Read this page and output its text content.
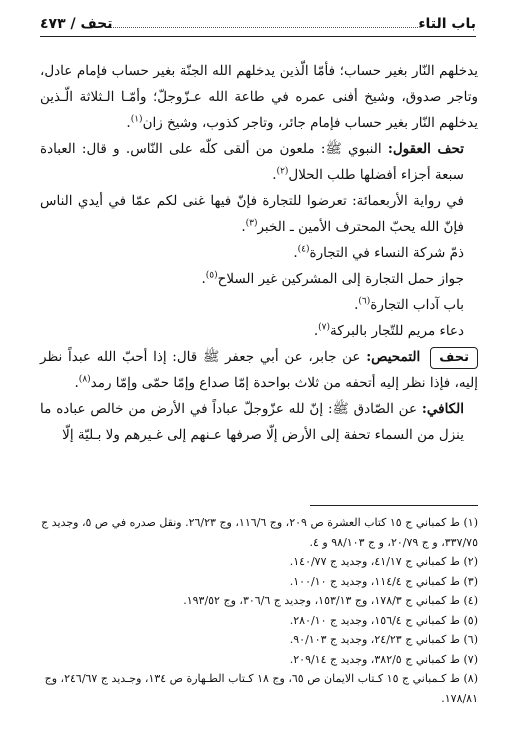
باب التاء
تحف / ٤٧٣

يدخلهم النّار بغير حساب؛ فأمّا الّذين يدخلهم الله الجنّة بغير حساب فإمام عادل، وتاجر صدوق، وشيخ أفنى عمره في طاعة الله عـزّوجلّ؛ وأمّـا الـثلاثة الّـذين يدخلهم النّار بغير حساب فإمام جائر، وتاجر كذوب، وشيخ زان$^{(١)}$.

تحف العقول: النبوي ﷺ: ملعون من ألقى كلّه على النّاس. و قال: العبادة سبعة أجزاء أفضلها طلب الحلال$^{(٢)}$.

في رواية الأربعمائة: تعرضوا للتجارة فإنّ فيها غنى لكم عمّا في أيدي الناس فإنّ الله يحبّ المحترف الأمين ـ الخبر$^{(٣)}$.

ذمّ شركة النساء في التجارة$^{(٤)}$.
جواز حمل التجارة إلى المشركين غير السلاح$^{(٥)}$.
باب آداب التجارة$^{(٦)}$.
دعاء مريم للتّجار بالبركة$^{(٧)}$.

تحفالتمحيص: عن جابر، عن أبي جعفر ﷺ قال: إذا أحبّ الله عبداً نظر إليه، فإذا نظر إليه أتحفه من ثلاث بواحدة إمّا صداع وإمّا حمّى وإمّا رمد$^{(٨)}$.

الكافي: عن الصّادق ﷺ: إنّ لله عزّوجلّ عباداً في الأرض من خالص عباده ما ينزل من السماء تحفة إلى الأرض إلّا صرفها عـنهم إلى غـيرهم ولا بـليّة إلّا

(١) ط كمباني ج ١٥ كتاب العشرة ص ٢٠٩، وج ١١٦/٦، وج ٢٦/٢٣. ونقل صدره في ص ٥، وجديد ج ٣٣٧/٧٥، و ج ٢٠/٧٩، و ج ٩٨/١٠٣ و ٤.
(٢) ط كمباني ج ٤١/١٧، وجديد ج ١٤٠/٧٧.
(٣) ط كمباني ج ١١٤/٤، وجديد ج ١٠٠/١٠.
(٤) ط كمباني ج ١٧٨/٣، وج ١٥٣/١٣، وجديد ج ٣٠٦/٦، وج ١٩٣/٥٢.
(٥) ط كمباني ج ١٥٦/٤، وجديد ج ٢٨٠/١٠.
(٦) ط كمباني ج ٢٤/٢٣، وجديد ج ٩٠/١٠٣.
(٧) ط كمباني ج ٣٨٢/٥، وجديد ج ٢٠٩/١٤.
(٨) ط كـمباني ج ١٥ كـتاب الايمان ص ٦٥، وج ١٨ كـتاب الطـهارة ص ١٣٤، وجـديد ج ٢٤٦/٦٧، وج ١٧٨/٨١.
